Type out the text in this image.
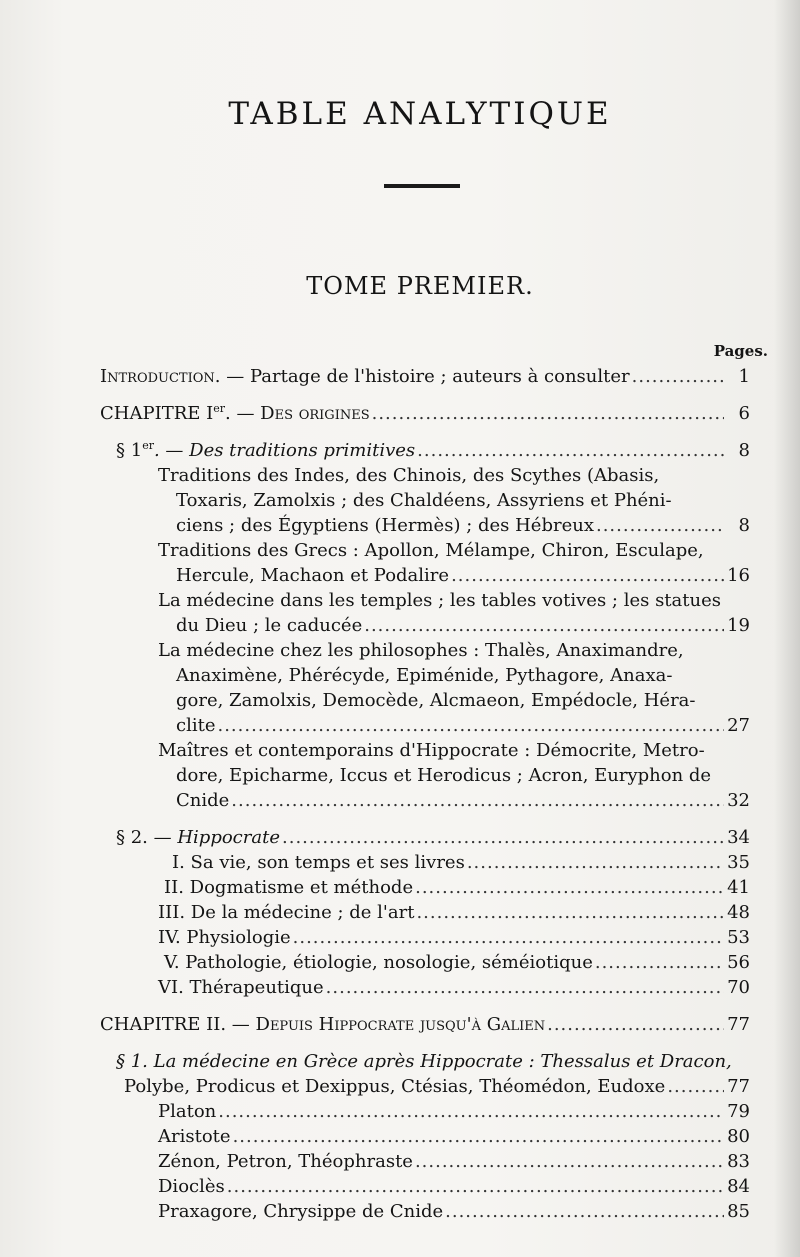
TABLE ANALYTIQUE
TOME PREMIER.
Pages.
Introduction. — Partage de l'histoire ; auteurs à consulter .....	1
CHAPITRE Ier. — Des origines .....	6
§ 1er. — Des traditions primitives .....	8
Traditions des Indes, des Chinois, des Scythes (Abasis,
Toxaris, Zamolxis ; des Chaldéens, Assyriens et Phéni-
ciens ; des Égyptiens (Hermès) ; des Hébreux .....	8
Traditions des Grecs : Apollon, Mélampe, Chiron, Esculape,
Hercule, Machaon et Podalire .....	16
La médecine dans les temples ; les tables votives ; les statues
du Dieu ; le caducée .....	19
La médecine chez les philosophes : Thalès, Anaximandre,
Anaximène, Phérécyde, Epiménide, Pythagore, Anaxa-
gore, Zamolxis, Democède, Alcmaeon, Empédocle, Héra-
clite .....	27
Maîtres et contemporains d'Hippocrate : Démocrite, Metro-
dore, Epicharme, Iccus et Herodicus ; Acron, Euryphon de
Cnide .....	32
§ 2. — Hippocrate .....	34
I. Sa vie, son temps et ses livres .....	35
II. Dogmatisme et méthode .....	41
III. De la médecine ; de l'art .....	48
IV. Physiologie .....	53
V. Pathologie, étiologie, nosologie, séméiotique .....	56
VI. Thérapeutique .....	70
CHAPITRE II. — Depuis Hippocrate jusqu'à Galien .....	77
§ 1. La médecine en Grèce après Hippocrate : Thessalus et Dracon,
Polybe, Prodicus et Dexippus, Ctésias, Théomédon, Eudoxe .....	77
Platon .....	79
Aristote .....	80
Zénon, Petron, Théophraste .....	83
Dioclès .....	84
Praxagore, Chrysippe de Cnide .....	85
